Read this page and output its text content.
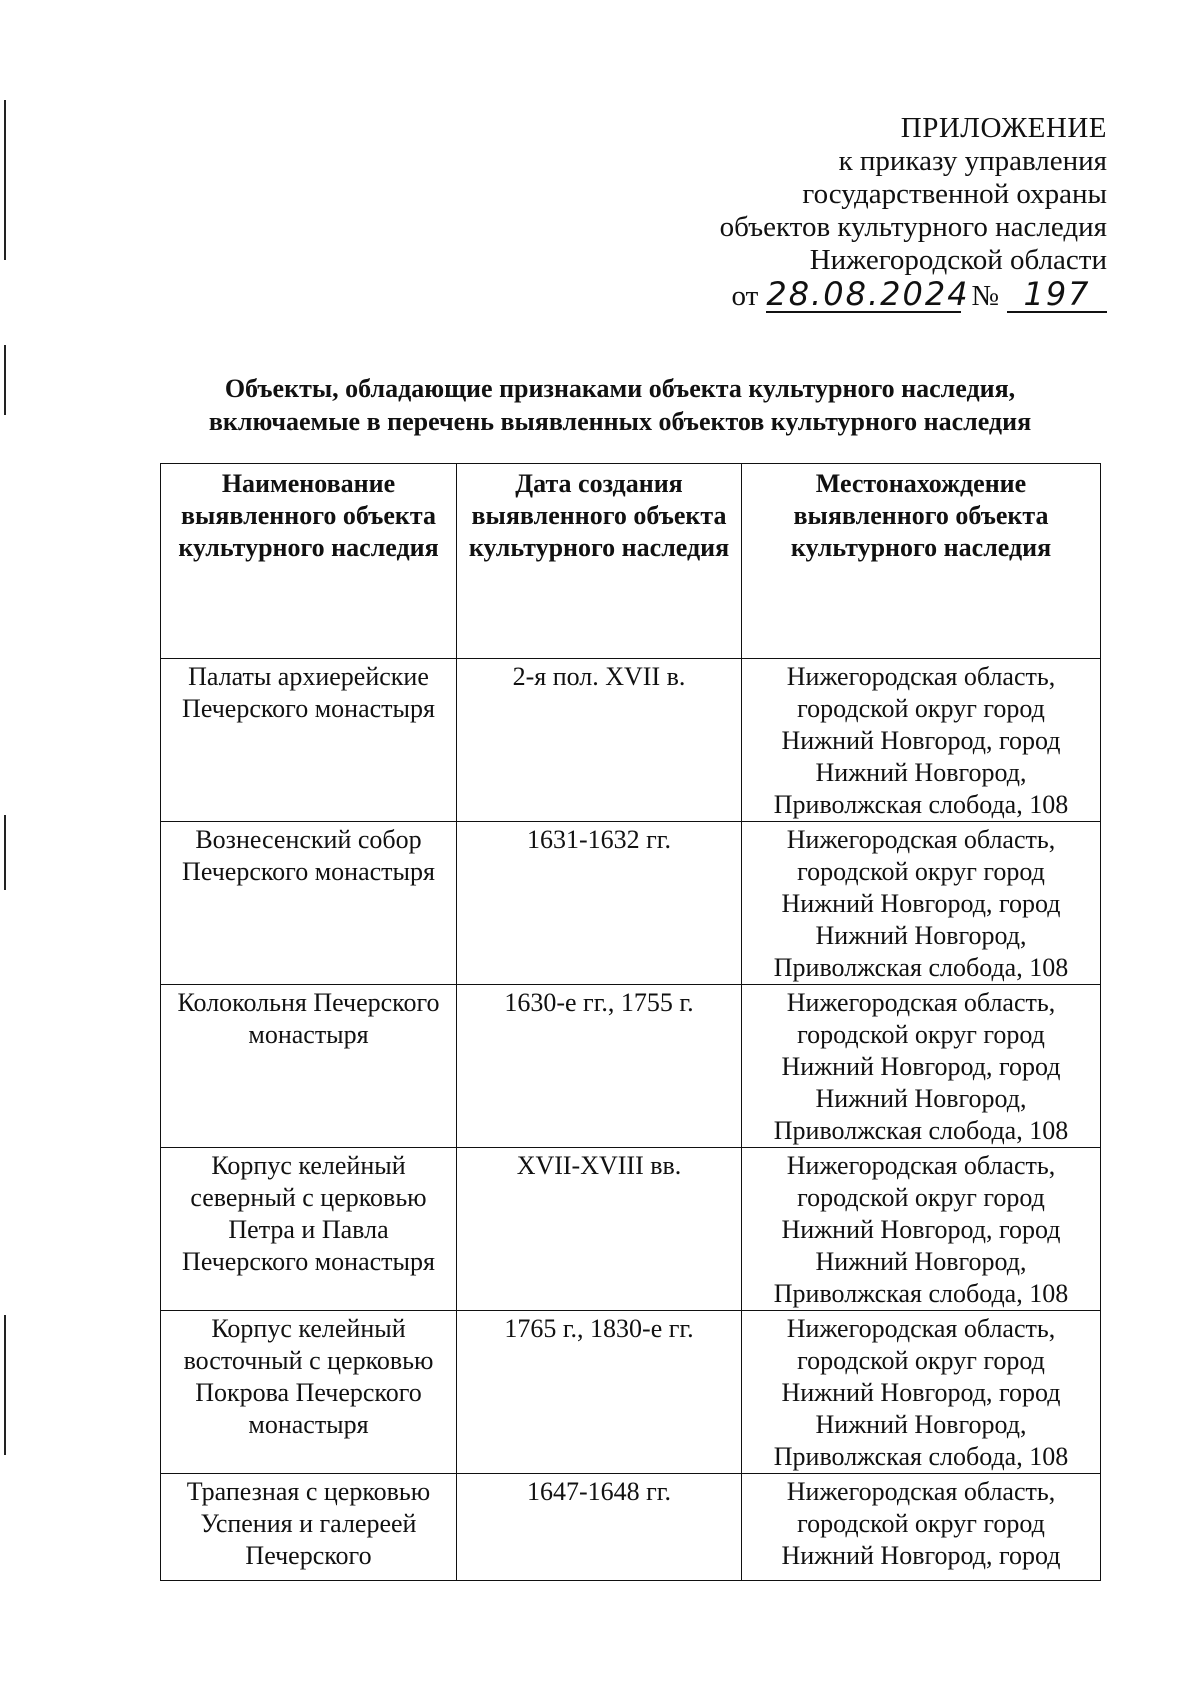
ПРИЛОЖЕНИЕ
к приказу управления
государственной охраны
объектов культурного наследия
Нижегородской области
от 28.08.2024 № 197
Объекты, обладающие признаками объекта культурного наследия,
включаемые в перечень выявленных объектов культурного наследия
Наименование выявленного объекта культурного наследия	Дата создания выявленного объекта культурного наследия	Местонахождение выявленного объекта культурного наследия
Палаты архиерейские Печерского монастыря	2-я пол. XVII в.	Нижегородская область, городской округ город Нижний Новгород, город Нижний Новгород, Приволжская слобода, 108
Вознесенский собор Печерского монастыря	1631-1632 гг.	Нижегородская область, городской округ город Нижний Новгород, город Нижний Новгород, Приволжская слобода, 108
Колокольня Печерского монастыря	1630-е гг., 1755 г.	Нижегородская область, городской округ город Нижний Новгород, город Нижний Новгород, Приволжская слобода, 108
Корпус келейный северный с церковью Петра и Павла Печерского монастыря	XVII-XVIII вв.	Нижегородская область, городской округ город Нижний Новгород, город Нижний Новгород, Приволжская слобода, 108
Корпус келейный восточный с церковью Покрова Печерского монастыря	1765 г., 1830-е гг.	Нижегородская область, городской округ город Нижний Новгород, город Нижний Новгород, Приволжская слобода, 108
Трапезная с церковью Успения и галереей Печерского	1647-1648 гг.	Нижегородская область, городской округ город Нижний Новгород, город
